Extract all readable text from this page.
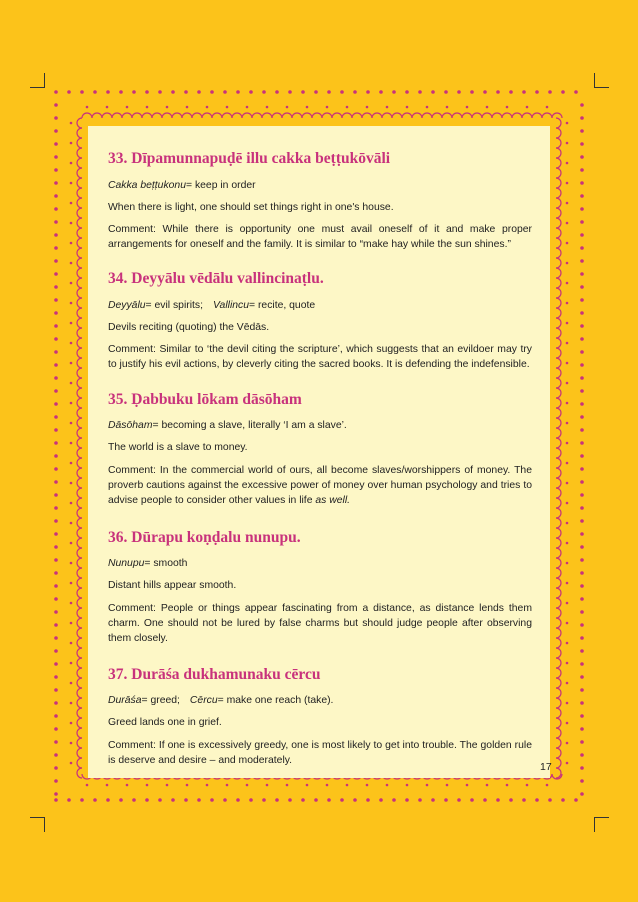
33. Dīpamunnapuḍē illu cakka beṭṭukōvāli

Cakka beṭṭukonu= keep in order

When there is light, one should set things right in one's house.

Comment: While there is opportunity one must avail oneself of it and make proper arrangements for oneself and the family. It is similar to “make hay while the sun shines.”

34. Deyyālu vēdālu vallincinaṭlu.

Deyyālu= evil spirits; Vallincu= recite, quote

Devils reciting (quoting) the Vēdās.

Comment: Similar to ‘the devil citing the scripture’, which suggests that an evildoer may try to justify his evil actions, by cleverly citing the sacred books. It is defending the indefensible.

35. Ḍabbuku lōkam dāsōham

Dāsōham= becoming a slave, literally ‘I am a slave’.

The world is a slave to money.

Comment: In the commercial world of ours, all become slaves/worshippers of money. The proverb cautions against the excessive power of money over human psychology and tries to advise people to consider other values in life as well.

36. Dūrapu koṇḍalu nunupu.

Nunupu= smooth

Distant hills appear smooth.

Comment: People or things appear fascinating from a distance, as distance lends them charm. One should not be lured by false charms but should judge people after observing them closely.

37. Durāśa dukhamunaku cērcu

Durāśa= greed; Cērcu= make one reach (take).

Greed lands one in grief.

Comment: If one is excessively greedy, one is most likely to get into trouble. The golden rule is deserve and desire – and moderately.

17
